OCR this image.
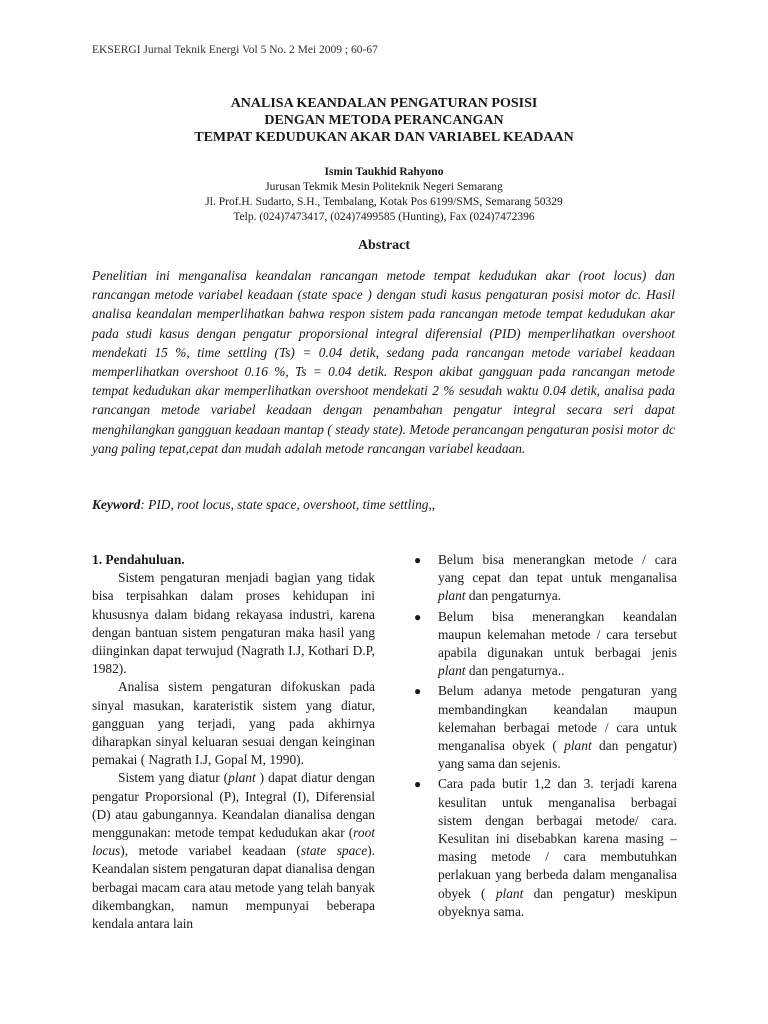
EKSERGI Jurnal Teknik Energi Vol 5 No. 2 Mei 2009 ; 60-67
ANALISA KEANDALAN PENGATURAN POSISI
DENGAN METODA PERANCANGAN
TEMPAT KEDUDUKAN AKAR DAN VARIABEL KEADAAN
Ismin Taukhid Rahyono
Jurusan Tekmik Mesin Politeknik Negeri Semarang
Jl. Prof.H. Sudarto, S.H., Tembalang, Kotak Pos 6199/SMS, Semarang 50329
Telp. (024)7473417, (024)7499585 (Hunting), Fax (024)7472396
Abstract

Penelitian ini menganalisa keandalan rancangan metode tempat kedudukan akar (root locus) dan rancangan metode variabel keadaan (state space ) dengan studi kasus pengaturan posisi motor dc. Hasil analisa keandalan memperlihatkan bahwa respon sistem pada rancangan metode tempat kedudukan akar pada studi kasus dengan pengatur proporsional integral diferensial (PID) memperlihatkan overshoot mendekati 15 %, time settling (Ts) = 0.04 detik, sedang pada rancangan metode variabel keadaan memperlihatkan overshoot 0.16 %, Ts = 0.04 detik. Respon akibat gangguan pada rancangan metode tempat kedudukan akar memperlihatkan overshoot mendekati 2 % sesudah waktu 0.04 detik, analisa pada rancangan metode variabel keadaan dengan penambahan pengatur integral secara seri dapat menghilangkan gangguan keadaan mantap ( steady state). Metode perancangan pengaturan posisi motor dc yang paling tepat,cepat dan mudah adalah metode rancangan variabel keadaan.

Keyword: PID, root locus, state space, overshoot, time settling,,
1. Pendahuluan.

Sistem pengaturan menjadi bagian yang tidak bisa terpisahkan dalam proses kehidupan ini khususnya dalam bidang rekayasa industri, karena dengan bantuan sistem pengaturan maka hasil yang diinginkan dapat terwujud (Nagrath I.J, Kothari D.P, 1982).

Analisa sistem pengaturan difokuskan pada sinyal masukan, karateristik sistem yang diatur, gangguan yang terjadi, yang pada akhirnya diharapkan sinyal keluaran sesuai dengan keinginan pemakai ( Nagrath I.J, Gopal M, 1990).

Sistem yang diatur (plant ) dapat diatur dengan pengatur Proporsional (P), Integral (I), Diferensial (D) atau gabungannya. Keandalan dianalisa dengan menggunakan: metode tempat kedudukan akar (root locus), metode variabel keadaan (state space). Keandalan sistem pengaturan dapat dianalisa dengan berbagai macam cara atau metode yang telah banyak dikembangkan, namun mempunyai beberapa kendala antara lain

● Belum bisa menerangkan metode / cara yang cepat dan tepat untuk menganalisa plant dan pengaturnya.
● Belum bisa menerangkan keandalan maupun kelemahan metode / cara tersebut apabila digunakan untuk berbagai jenis plant dan pengaturnya..
● Belum adanya metode pengaturan yang membandingkan keandalan maupun kelemahan berbagai metode / cara untuk menganalisa obyek ( plant dan pengatur) yang sama dan sejenis.
● Cara pada butir 1,2 dan 3. terjadi karena kesulitan untuk menganalisa berbagai sistem dengan berbagai metode/ cara. Kesulitan ini disebabkan karena masing – masing metode / cara membutuhkan perlakuan yang berbeda dalam menganalisa obyek ( plant dan pengatur) meskipun obyeknya sama.
